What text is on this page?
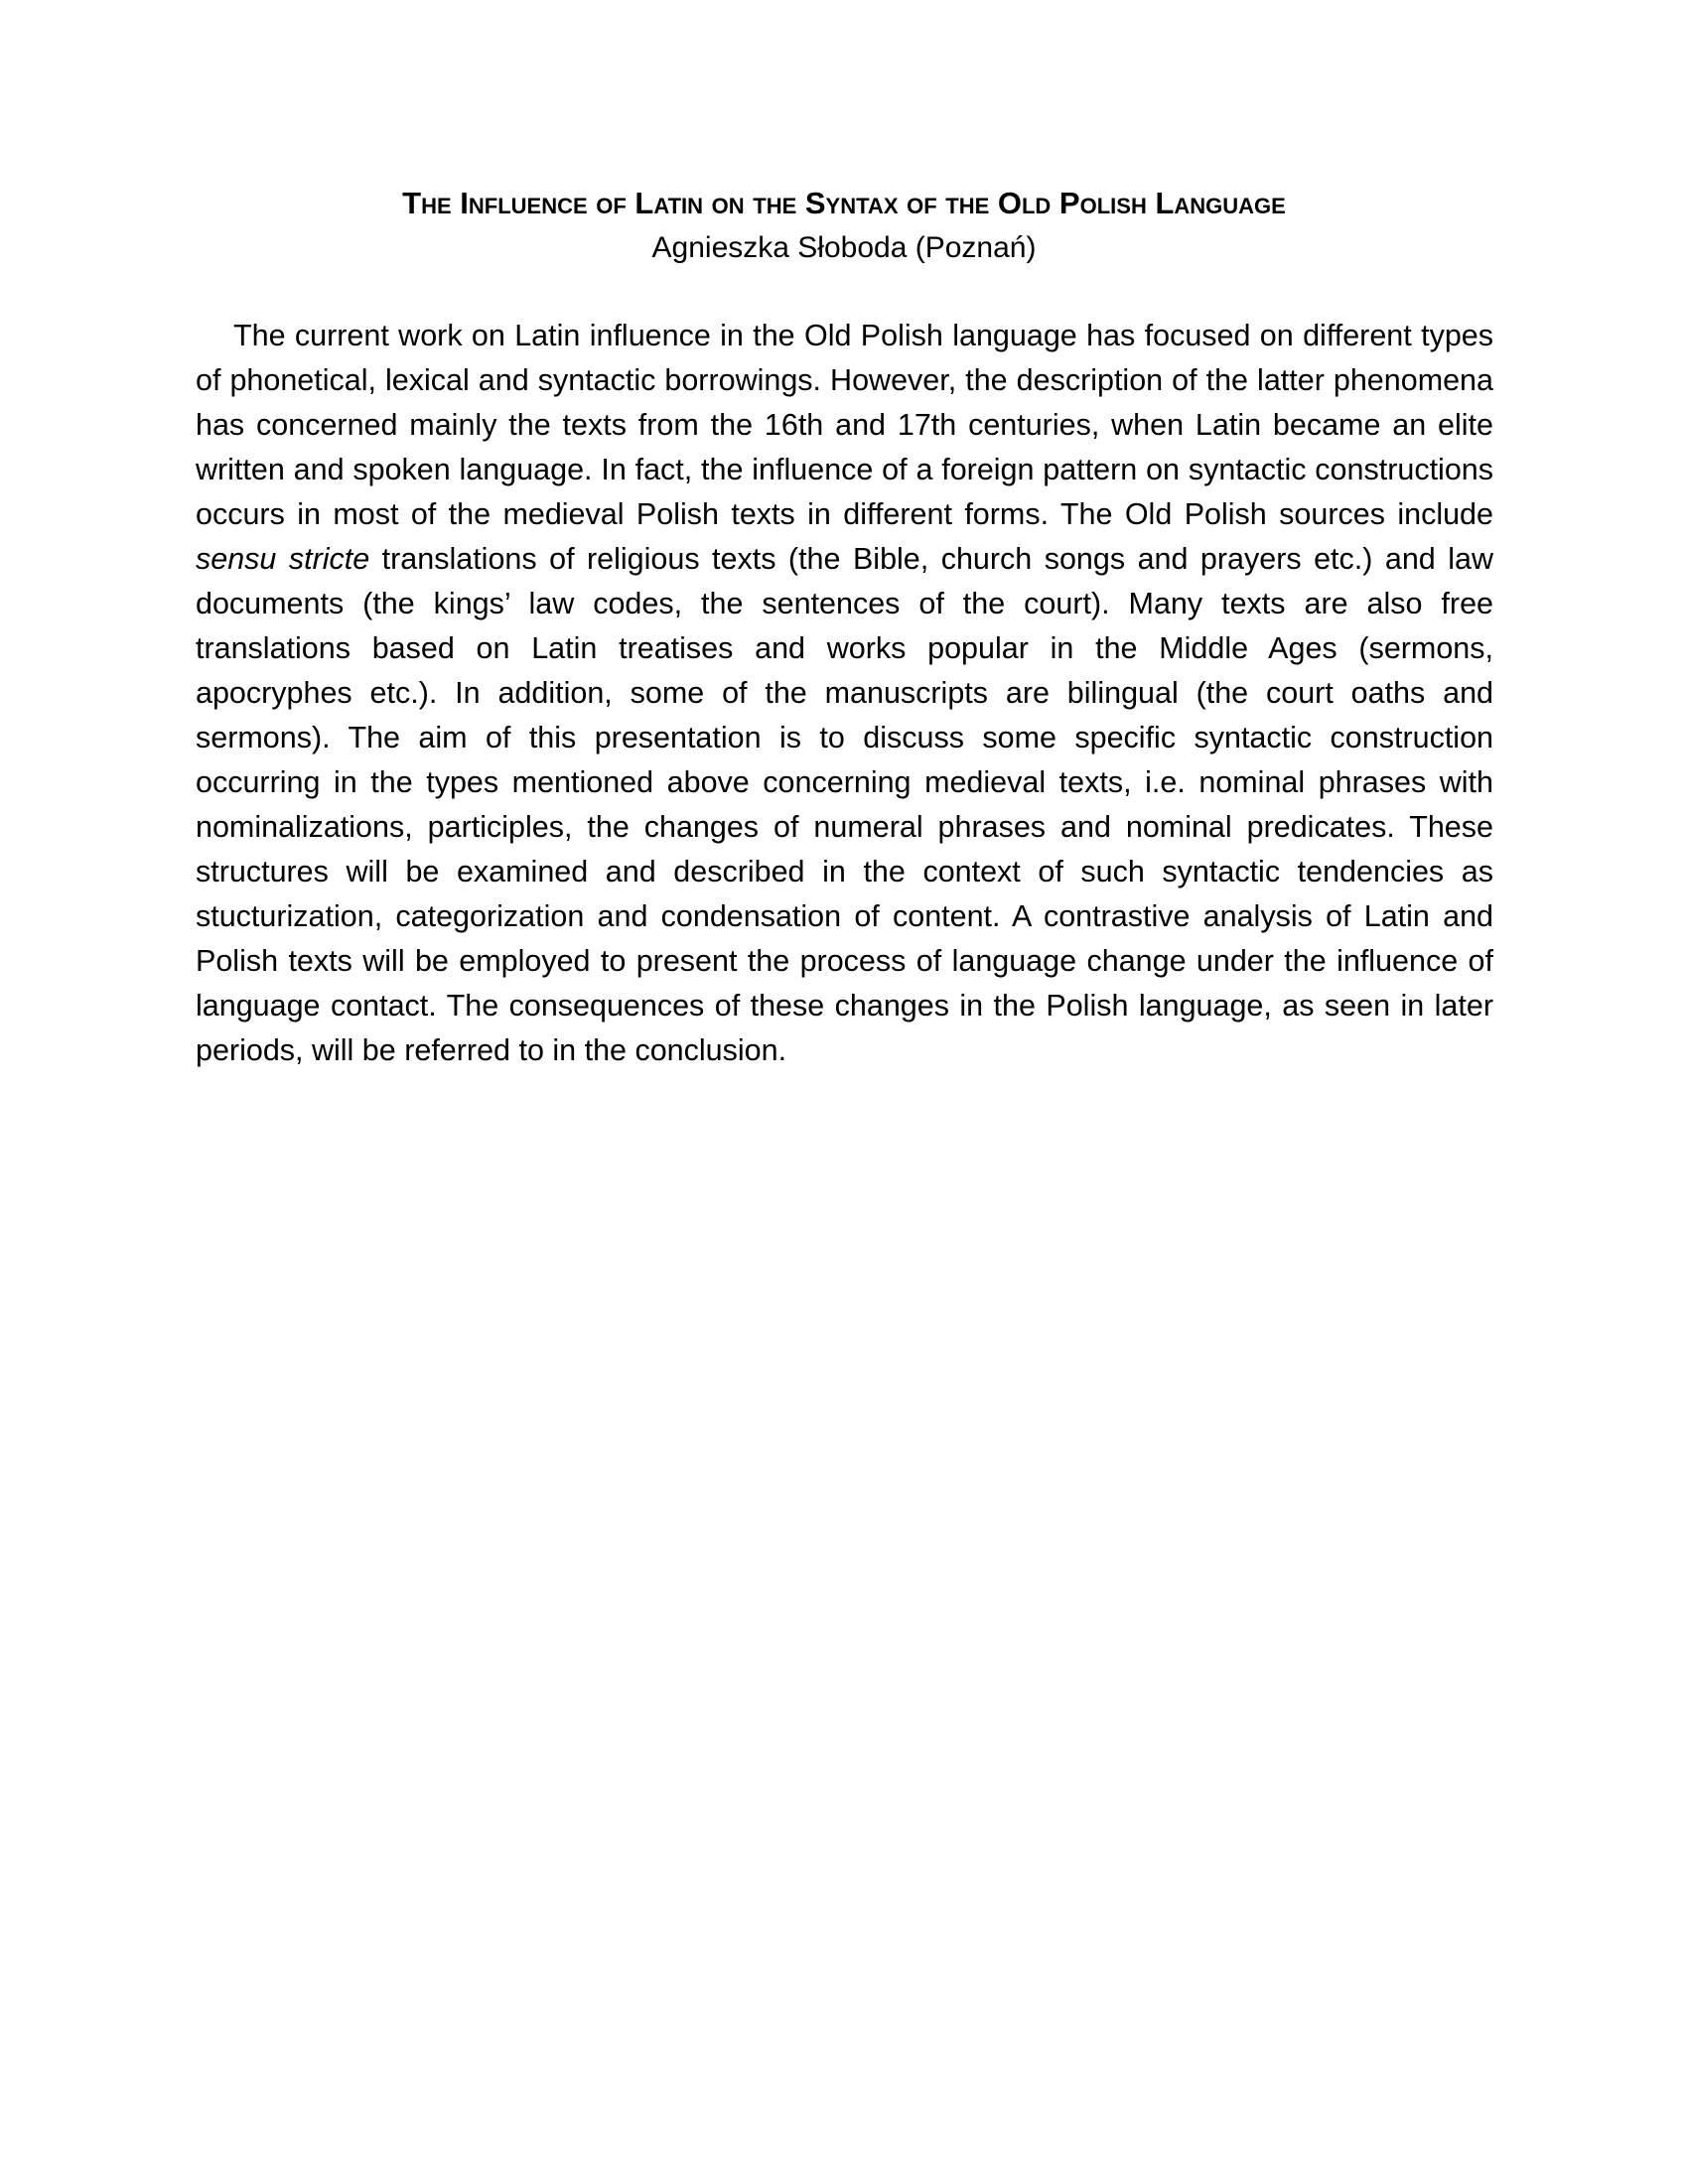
The Influence of Latin on the Syntax of the Old Polish Language
Agnieszka Słoboda (Poznań)

The current work on Latin influence in the Old Polish language has focused on different types of phonetical, lexical and syntactic borrowings. However, the description of the latter phenomena has concerned mainly the texts from the 16th and 17th centuries, when Latin became an elite written and spoken language. In fact, the influence of a foreign pattern on syntactic constructions occurs in most of the medieval Polish texts in different forms. The Old Polish sources include sensu stricte translations of religious texts (the Bible, church songs and prayers etc.) and law documents (the kings’ law codes, the sentences of the court). Many texts are also free translations based on Latin treatises and works popular in the Middle Ages (sermons, apocryphes etc.). In addition, some of the manuscripts are bilingual (the court oaths and sermons). The aim of this presentation is to discuss some specific syntactic construction occurring in the types mentioned above concerning medieval texts, i.e. nominal phrases with nominalizations, participles, the changes of numeral phrases and nominal predicates. These structures will be examined and described in the context of such syntactic tendencies as stucturization, categorization and condensation of content. A contrastive analysis of Latin and Polish texts will be employed to present the process of language change under the influence of language contact. The consequences of these changes in the Polish language, as seen in later periods, will be referred to in the conclusion.
